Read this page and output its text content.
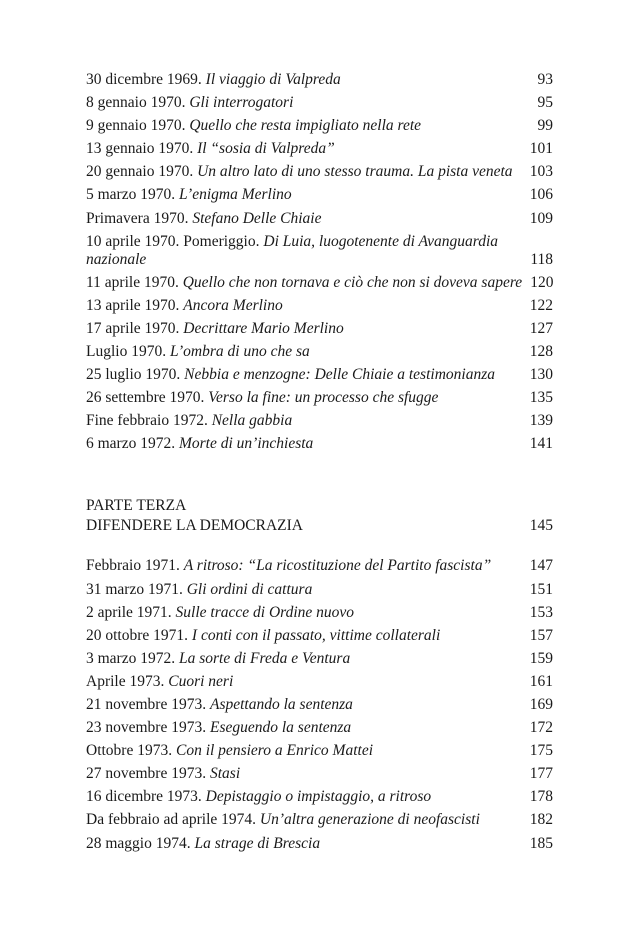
30 dicembre 1969. Il viaggio di Valpreda	93
8 gennaio 1970. Gli interrogatori	95
9 gennaio 1970. Quello che resta impigliato nella rete	99
13 gennaio 1970. Il “sosia di Valpreda”	101
20 gennaio 1970. Un altro lato di uno stesso trauma. La pista veneta	103
5 marzo 1970. L’enigma Merlino	106
Primavera 1970. Stefano Delle Chiaie	109
10 aprile 1970. Pomeriggio. Di Luia, luogotenente di Avanguardia nazionale	118
11 aprile 1970. Quello che non tornava e ciò che non si doveva sapere 120
13 aprile 1970. Ancora Merlino	122
17 aprile 1970. Decrittare Mario Merlino	127
Luglio 1970. L’ombra di uno che sa	128
25 luglio 1970. Nebbia e menzogne: Delle Chiaie a testimonianza	130
26 settembre 1970. Verso la fine: un processo che sfugge	135
Fine febbraio 1972. Nella gabbia	139
6 marzo 1972. Morte di un’inchiesta	141
PARTE TERZA
DIFENDERE LA DEMOCRAZIA	145
Febbraio 1971. A ritroso: “La ricostituzione del Partito fascista”	147
31 marzo 1971. Gli ordini di cattura	151
2 aprile 1971. Sulle tracce di Ordine nuovo	153
20 ottobre 1971. I conti con il passato, vittime collaterali	157
3 marzo 1972. La sorte di Freda e Ventura	159
Aprile 1973. Cuori neri	161
21 novembre 1973. Aspettando la sentenza	169
23 novembre 1973. Eseguendo la sentenza	172
Ottobre 1973. Con il pensiero a Enrico Mattei	175
27 novembre 1973. Stasi	177
16 dicembre 1973. Depistaggio o impistaggio, a ritroso	178
Da febbraio ad aprile 1974. Un’altra generazione di neofascisti	182
28 maggio 1974. La strage di Brescia	185
